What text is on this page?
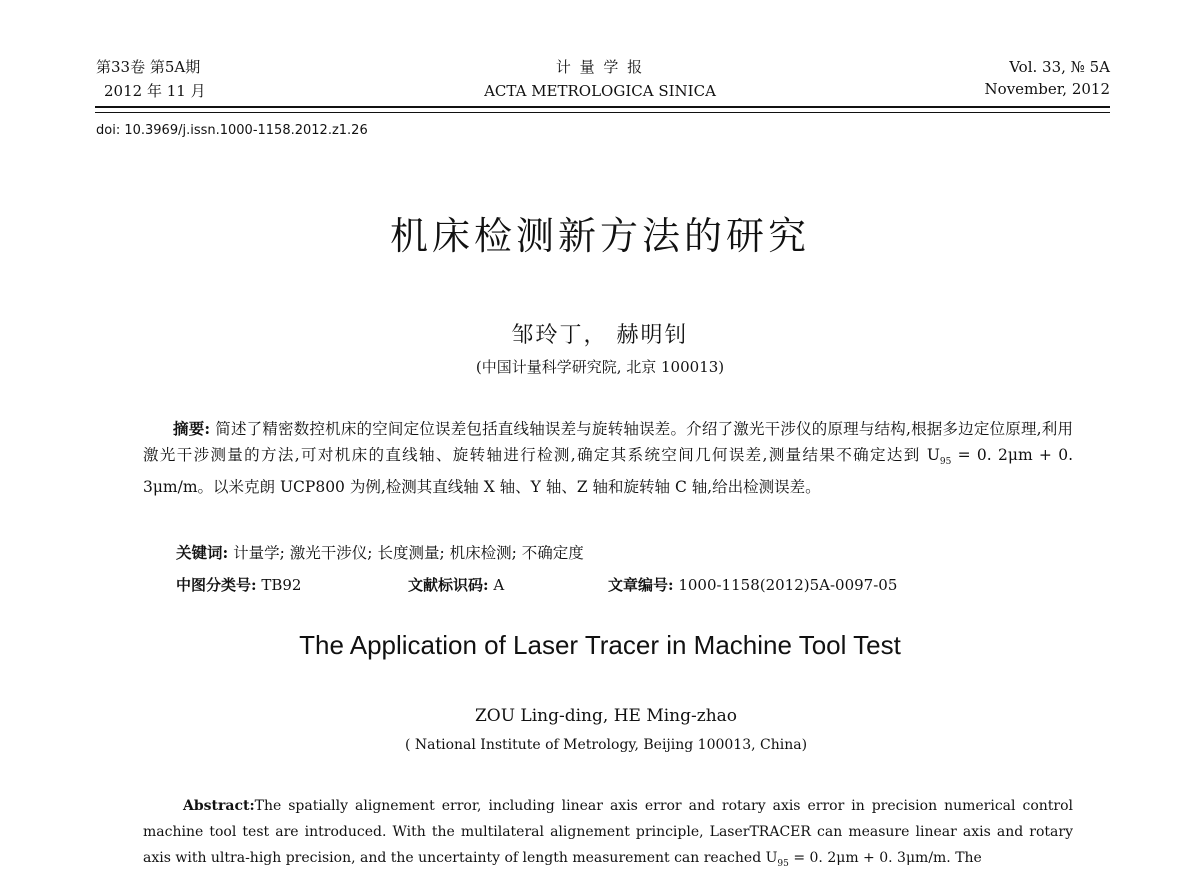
第33卷 第5A期
2012 年 11 月
计 量 学 报
ACTA METROLOGICA SINICA
Vol. 33, № 5A
November, 2012
doi: 10.3969/j.issn.1000-1158.2012.z1.26
机床检测新方法的研究
邹玲丁， 赫明钊
(中国计量科学研究院, 北京 100013)
摘要: 简述了精密数控机床的空间定位误差包括直线轴误差与旋转轴误差。介绍了激光干涉仪的原理与结构,根据多边定位原理,利用激光干涉测量的方法,可对机床的直线轴、旋转轴进行检测,确定其系统空间几何误差,测量结果不确定达到 $U_{95} = 0$. 2μm + 0. 3μm/m。以米克朗 UCP800 为例,检测其直线轴 X 轴、Y 轴、Z 轴和旋转轴 C 轴,给出检测误差。
关键词: 计量学; 激光干涉仪; 长度测量; 机床检测; 不确定度
中图分类号: TB92	文献标识码: A	文章编号: 1000-1158(2012)5A-0097-05
The Application of Laser Tracer in Machine Tool Test
ZOU Ling-ding, HE Ming-zhao
( National Institute of Metrology, Beijing 100013, China)
Abstract:The spatially alignement error, including linear axis error and rotary axis error in precision numerical control machine tool test are introduced. With the multilateral alignement principle, LaserTRACER can measure linear axis and rotary axis with ultra-high precision, and the uncertainty of length measurement can reached $U_{95} = 0$. 2μm + 0. 3μm/m. The
